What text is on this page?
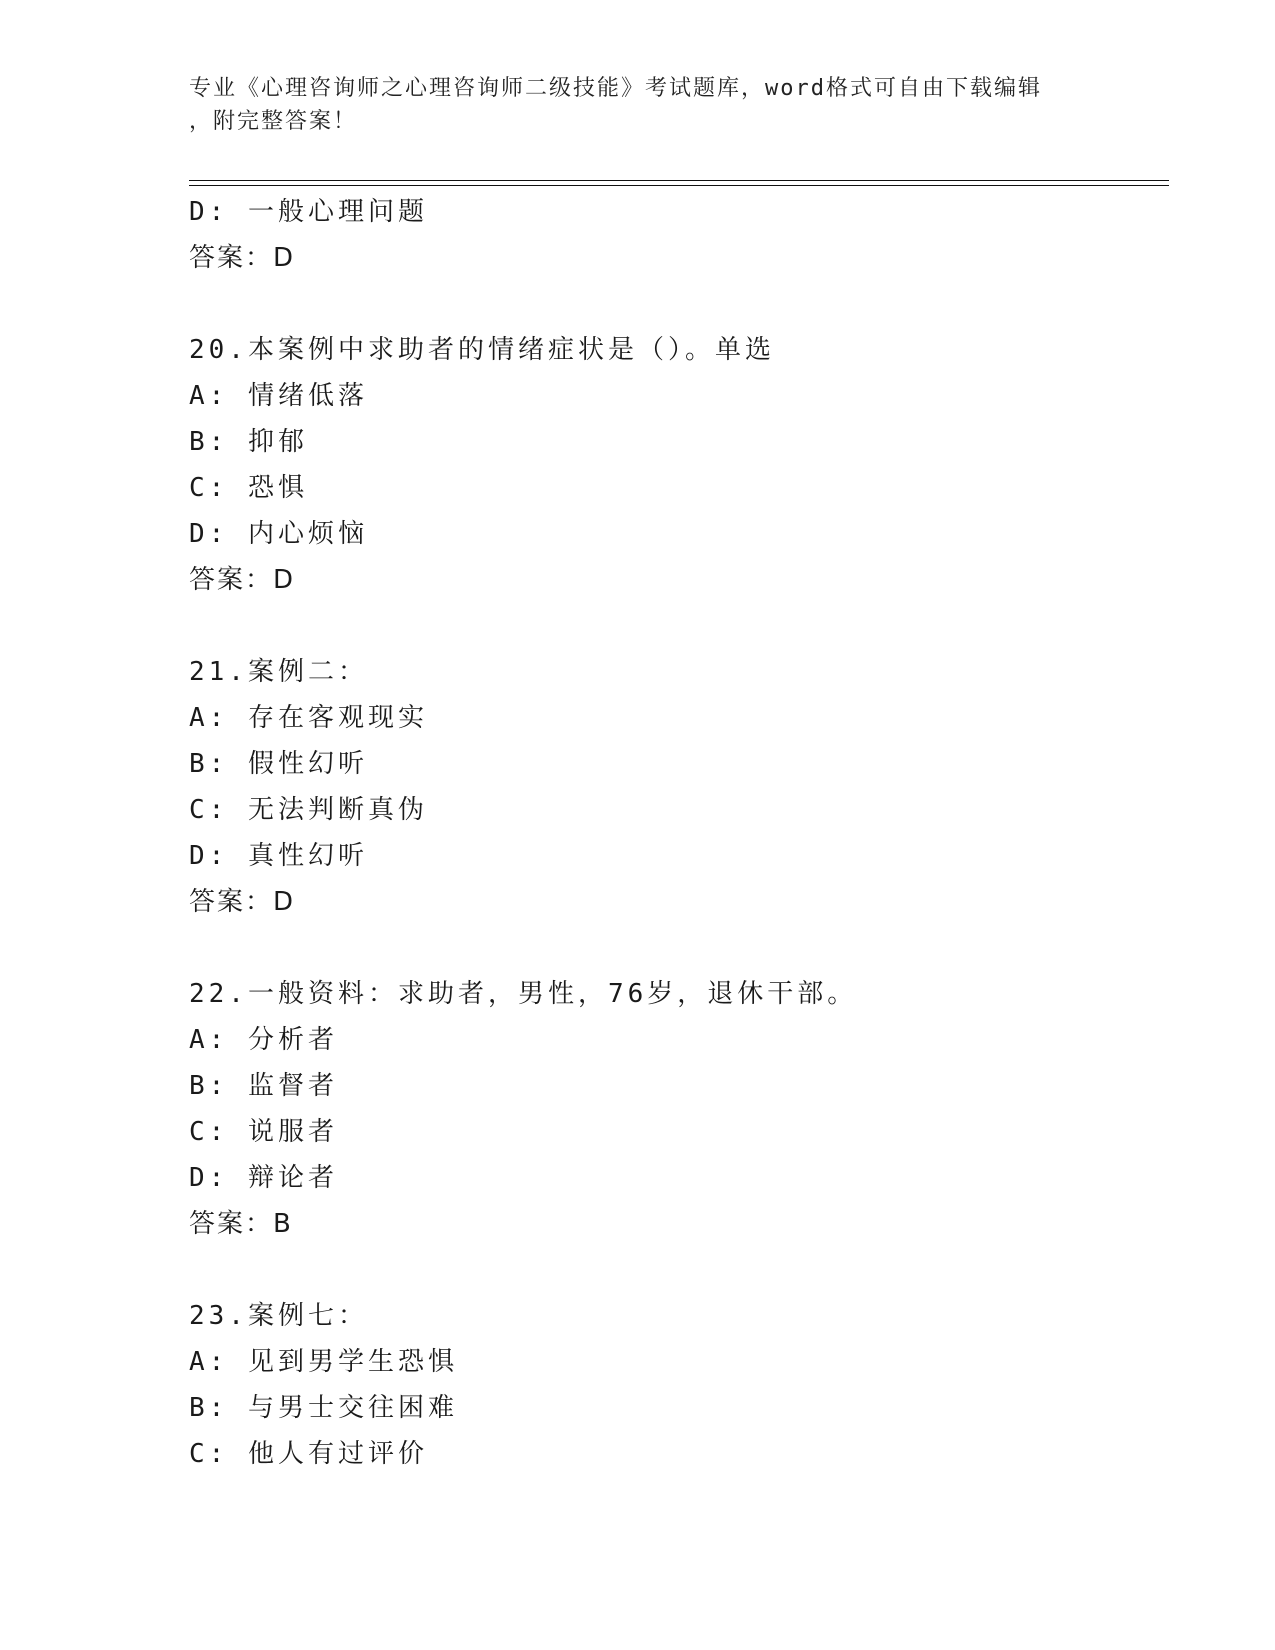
专业《心理咨询师之心理咨询师二级技能》考试题库，word格式可自由下载编辑
，附完整答案！
D: 一般心理问题
答案：D
20.本案例中求助者的情绪症状是（）。单选
A: 情绪低落
B: 抑郁
C: 恐惧
D: 内心烦恼
答案：D
21.案例二：
A: 存在客观现实
B: 假性幻听
C: 无法判断真伪
D: 真性幻听
答案：D
22.一般资料：求助者，男性，76岁，退休干部。
A: 分析者
B: 监督者
C: 说服者
D: 辩论者
答案：B
23.案例七：
A: 见到男学生恐惧
B: 与男士交往困难
C: 他人有过评价
